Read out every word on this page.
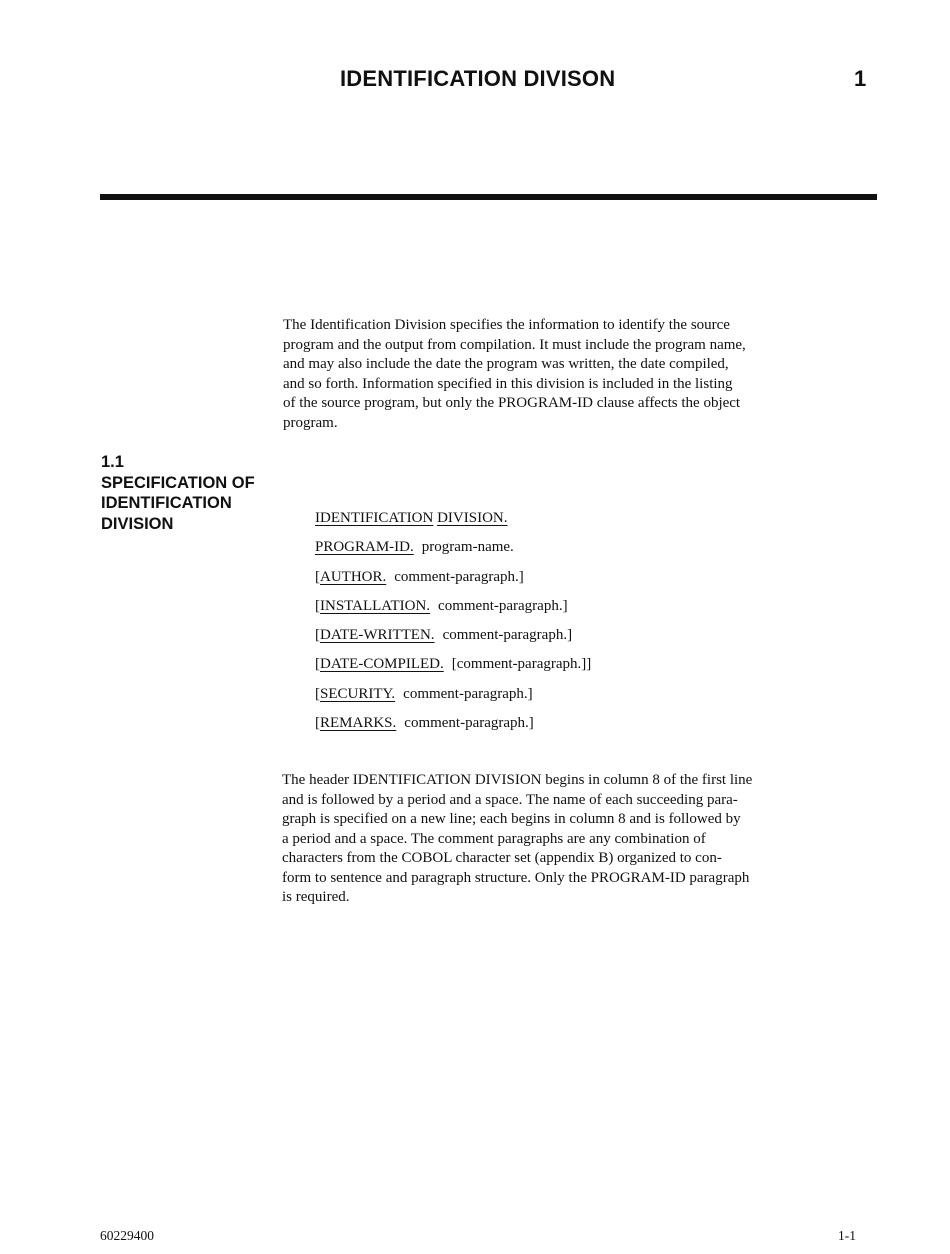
IDENTIFICATION DIVISON	1
The Identification Division specifies the information to identify the source
program and the output from compilation. It must include the program name,
and may also include the date the program was written, the date compiled,
and so forth. Information specified in this division is included in the listing
of the source program, but only the PROGRAM-ID clause affects the object
program.
1.1
SPECIFICATION OF
IDENTIFICATION
DIVISION	IDENTIFICATION DIVISION.
PROGRAM-ID. program-name.
[AUTHOR. comment-paragraph.]
[INSTALLATION. comment-paragraph.]
[DATE-WRITTEN. comment-paragraph.]
[DATE-COMPILED. [comment-paragraph.]]
[SECURITY. comment-paragraph.]
[REMARKS. comment-paragraph.]
The header IDENTIFICATION DIVISION begins in column 8 of the first line
and is followed by a period and a space. The name of each succeeding para-
graph is specified on a new line; each begins in column 8 and is followed by
a period and a space. The comment paragraphs are any combination of
characters from the COBOL character set (appendix B) organized to con-
form to sentence and paragraph structure. Only the PROGRAM-ID paragraph
is required.
60229400	1-1
